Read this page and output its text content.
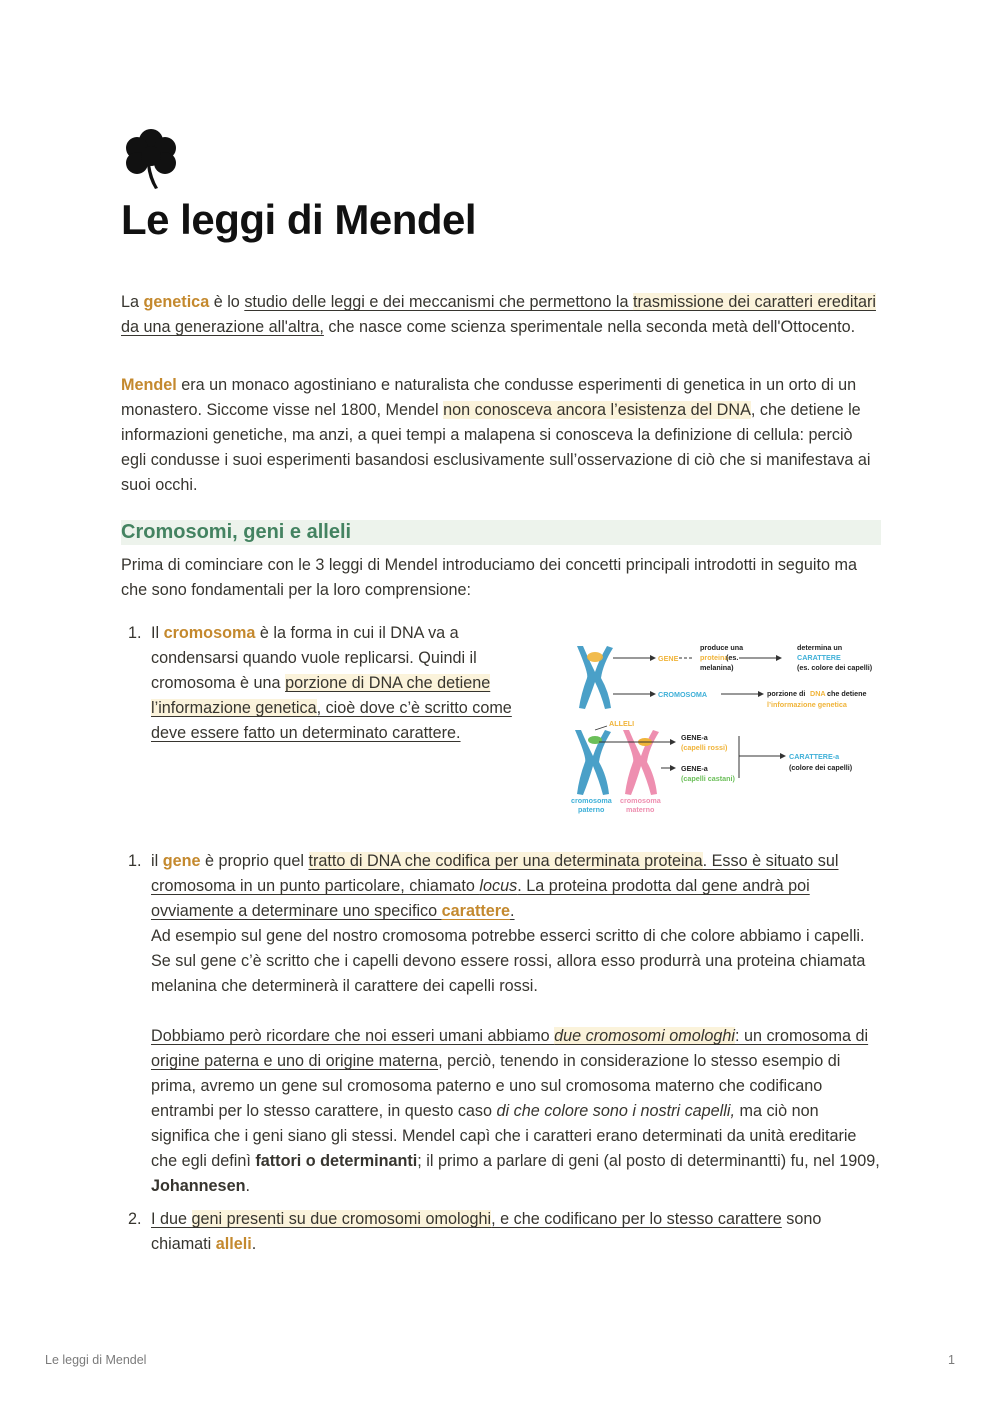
Le leggi di Mendel

La genetica è lo studio delle leggi e dei meccanismi che permettono la trasmissione dei caratteri ereditari da una generazione all'altra, che nasce come scienza sperimentale nella seconda metà dell'Ottocento.

Mendel era un monaco agostiniano e naturalista che condusse esperimenti di genetica in un orto di un monastero. Siccome visse nel 1800, Mendel non conosceva ancora l’esistenza del DNA, che detiene le informazioni genetiche, ma anzi, a quei tempi a malapena si conosceva la definizione di cellula: perciò egli condusse i suoi esperimenti basandosi esclusivamente sull’osservazione di ciò che si manifestava ai suoi occhi.

Cromosomi, geni e alleli

Prima di cominciare con le 3 leggi di Mendel introduciamo dei concetti principali introdotti in seguito ma che sono fondamentali per la loro comprensione:

1. Il cromosoma è la forma in cui il DNA va a condensarsi quando vuole replicarsi. Quindi il cromosoma è una porzione di DNA che detiene l’informazione genetica, cioè dove c’è scritto come deve essere fatto un determinato carattere.
GENE
produce una
proteina
(es.
melanina)
determina un
CARATTERE
(es. colore dei capelli)
CROMOSOMA	porzione di DNA che detiene
l’informazione genetica
ALLELI
GENE-a
(capelli rossi)
GENE-a
(capelli castani)
CARATTERE-a
(colore dei capelli)
cromosoma
paterno
cromosoma
materno
1. il gene è proprio quel tratto di DNA che codifica per una determinata proteina. Esso è situato sul cromosoma in un punto particolare, chiamato locus. La proteina prodotta dal gene andrà poi ovviamente a determinare uno specifico carattere.

Ad esempio sul gene del nostro cromosoma potrebbe esserci scritto di che colore abbiamo i capelli. Se sul gene c’è scritto che i capelli devono essere rossi, allora esso produrrà una proteina chiamata melanina che determinerà il carattere dei capelli rossi.

Dobbiamo però ricordare che noi esseri umani abbiamo due cromosomi omologhi: un cromosoma di origine paterna e uno di origine materna, perciò, tenendo in considerazione lo stesso esempio di prima, avremo un gene sul cromosoma paterno e uno sul cromosoma materno che codificano entrambi per lo stesso carattere, in questo caso di che colore sono i nostri capelli, ma ciò non significa che i geni siano gli stessi. Mendel capì che i caratteri erano determinati da unità ereditarie che egli definì fattori o determinanti; il primo a parlare di geni (al posto di determinantti) fu, nel 1909, Johannesen.

2. I due geni presenti su due cromosomi omologhi, e che codificano per lo stesso carattere sono chiamati alleli.

Le leggi di Mendel	1
